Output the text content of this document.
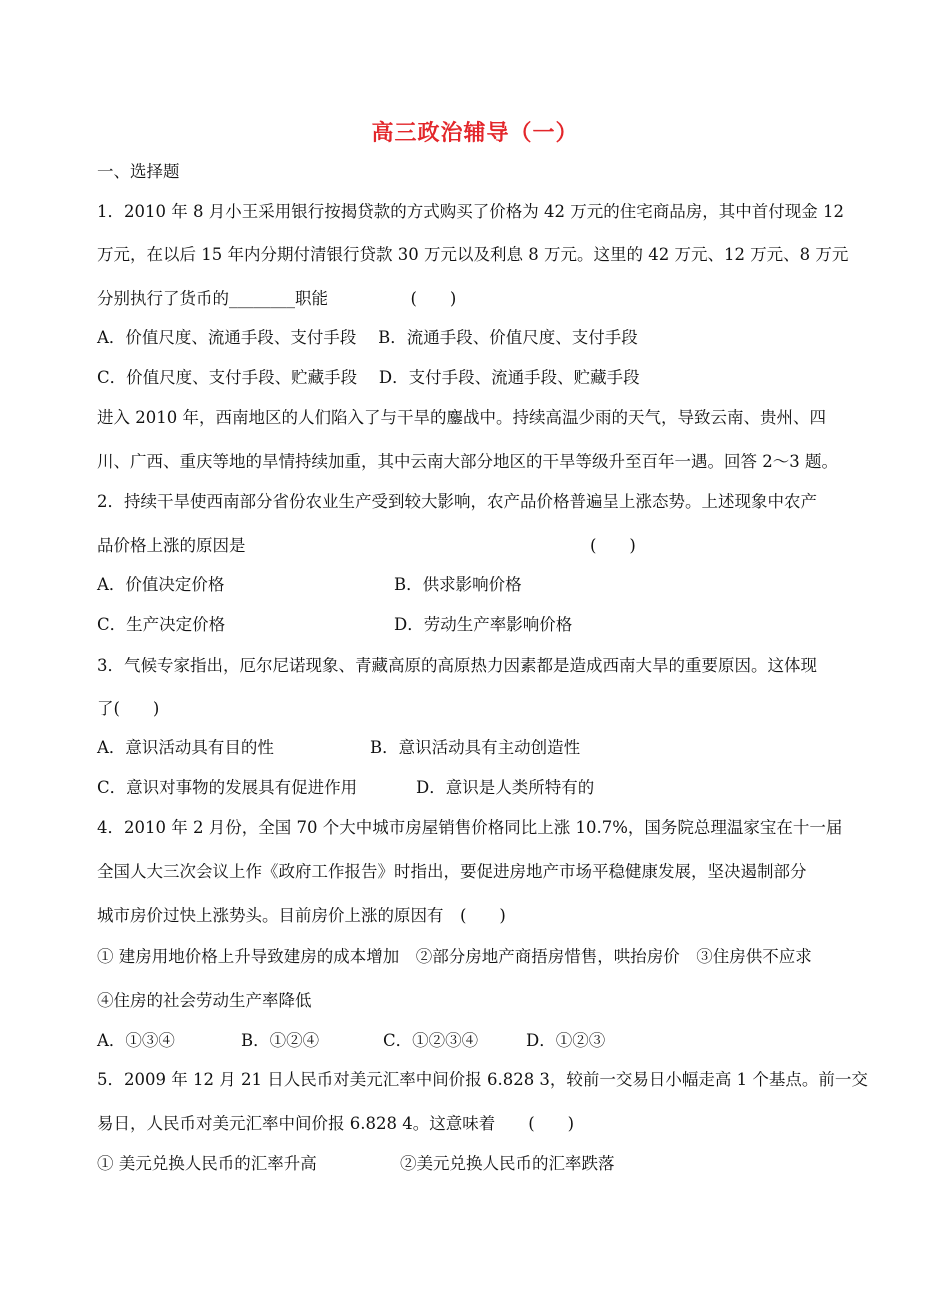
高三政治辅导（一）
一、选择题
1．2010 年 8 月小王采用银行按揭贷款的方式购买了价格为 42 万元的住宅商品房，其中首付现金 12
万元，在以后 15 年内分期付清银行贷款 30 万元以及利息 8 万元。这里的 42 万元、12 万元、8 万元
分别执行了货币的________职能　　　　　(　　)
A．价值尺度、流通手段、支付手段　 B．流通手段、价值尺度、支付手段
C．价值尺度、支付手段、贮藏手段　 D．支付手段、流通手段、贮藏手段
进入 2010 年，西南地区的人们陷入了与干旱的鏖战中。持续高温少雨的天气，导致云南、贵州、四
川、广西、重庆等地的旱情持续加重，其中云南大部分地区的干旱等级升至百年一遇。回答 2～3 题。
2．持续干旱使西南部分省份农业生产受到较大影响，农产品价格普遍呈上涨态势。上述现象中农产
品价格上涨的原因是	(　　)
A．价值决定价格	B．供求影响价格
C．生产决定价格	D．劳动生产率影响价格
3．气候专家指出，厄尔尼诺现象、青藏高原的高原热力因素都是造成西南大旱的重要原因。这体现
了(　　)
A．意识活动具有目的性	B．意识活动具有主动创造性
C．意识对事物的发展具有促进作用	D．意识是人类所特有的
4．2010 年 2 月份，全国 70 个大中城市房屋销售价格同比上涨 10.7%，国务院总理温家宝在十一届
全国人大三次会议上作《政府工作报告》时指出，要促进房地产市场平稳健康发展，坚决遏制部分
城市房价过快上涨势头。目前房价上涨的原因有　(　　)
① 建房用地价格上升导致建房的成本增加　②部分房地产商捂房惜售，哄抬房价　③住房供不应求
④住房的社会劳动生产率降低
A．①③④	B．①②④	C．①②③④	D．①②③
5．2009 年 12 月 21 日人民币对美元汇率中间价报 6.828 3，较前一交易日小幅走高 1 个基点。前一交
易日，人民币对美元汇率中间价报 6.828 4。这意味着　　(　　)
① 美元兑换人民币的汇率升高	②美元兑换人民币的汇率跌落
